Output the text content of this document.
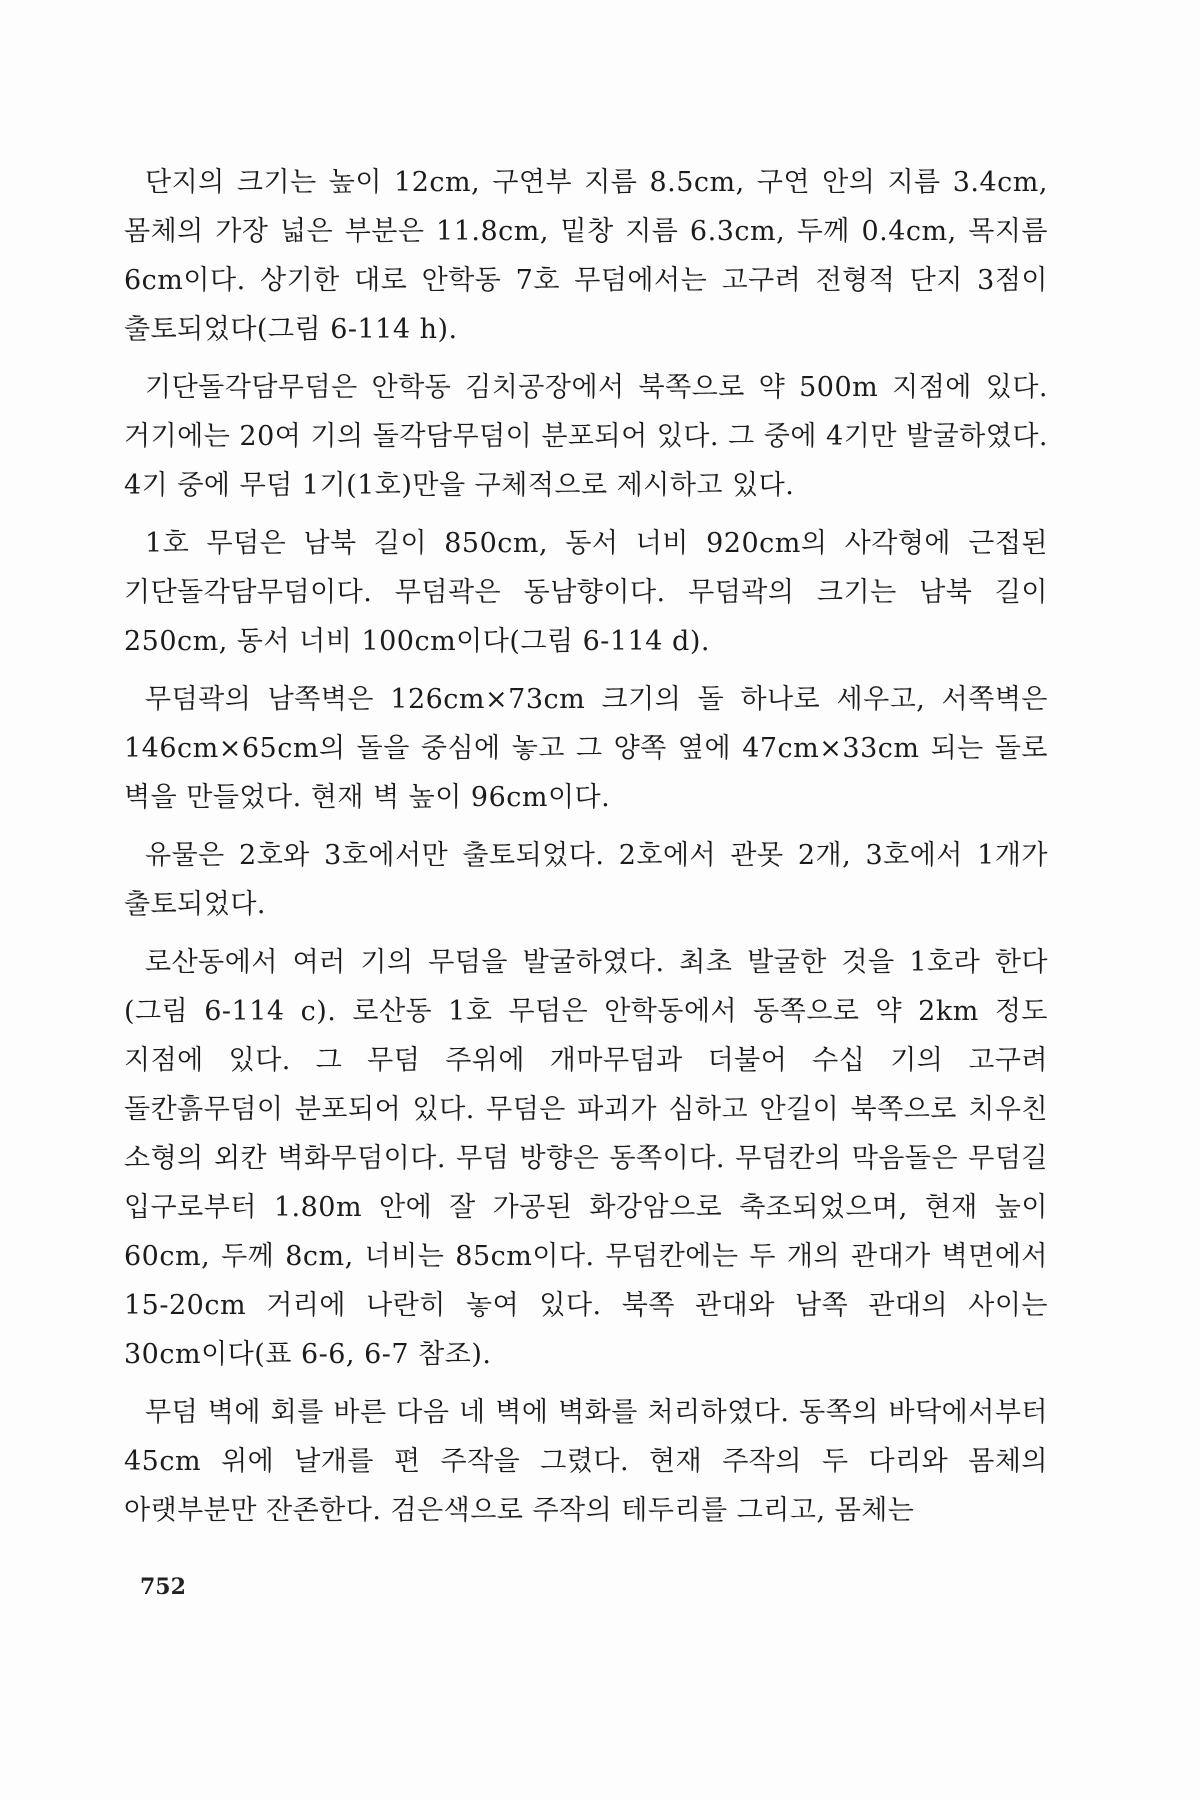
단지의 크기는 높이 12cm, 구연부 지름 8.5cm, 구연 안의 지름 3.4cm, 몸체의 가장 넓은 부분은 11.8cm, 밑창 지름 6.3cm, 두께 0.4cm, 목지름 6cm이다. 상기한 대로 안학동 7호 무덤에서는 고구려 전형적 단지 3점이 출토되었다(그림 6-114 h).

기단돌각담무덤은 안학동 김치공장에서 북쪽으로 약 500m 지점에 있다. 거기에는 20여 기의 돌각담무덤이 분포되어 있다. 그 중에 4기만 발굴하였다. 4기 중에 무덤 1기(1호)만을 구체적으로 제시하고 있다.

1호 무덤은 남북 길이 850cm, 동서 너비 920cm의 사각형에 근접된 기단돌각담무덤이다. 무덤곽은 동남향이다. 무덤곽의 크기는 남북 길이 250cm, 동서 너비 100cm이다(그림 6-114 d).

무덤곽의 남쪽벽은 126cm×73cm 크기의 돌 하나로 세우고, 서쪽벽은 146cm×65cm의 돌을 중심에 놓고 그 양쪽 옆에 47cm×33cm 되는 돌로 벽을 만들었다. 현재 벽 높이 96cm이다.

유물은 2호와 3호에서만 출토되었다. 2호에서 관못 2개, 3호에서 1개가 출토되었다.

로산동에서 여러 기의 무덤을 발굴하였다. 최초 발굴한 것을 1호라 한다(그림 6-114 c). 로산동 1호 무덤은 안학동에서 동쪽으로 약 2km 정도 지점에 있다. 그 무덤 주위에 개마무덤과 더불어 수십 기의 고구려 돌칸흙무덤이 분포되어 있다. 무덤은 파괴가 심하고 안길이 북쪽으로 치우친 소형의 외칸 벽화무덤이다. 무덤 방향은 동쪽이다. 무덤칸의 막음돌은 무덤길 입구로부터 1.80m 안에 잘 가공된 화강암으로 축조되었으며, 현재 높이 60cm, 두께 8cm, 너비는 85cm이다. 무덤칸에는 두 개의 관대가 벽면에서 15-20cm 거리에 나란히 놓여 있다. 북쪽 관대와 남쪽 관대의 사이는 30cm이다(표 6-6, 6-7 참조).

무덤 벽에 회를 바른 다음 네 벽에 벽화를 처리하였다. 동쪽의 바닥에서부터 45cm 위에 날개를 편 주작을 그렸다. 현재 주작의 두 다리와 몸체의 아랫부분만 잔존한다. 검은색으로 주작의 테두리를 그리고, 몸체는

752
